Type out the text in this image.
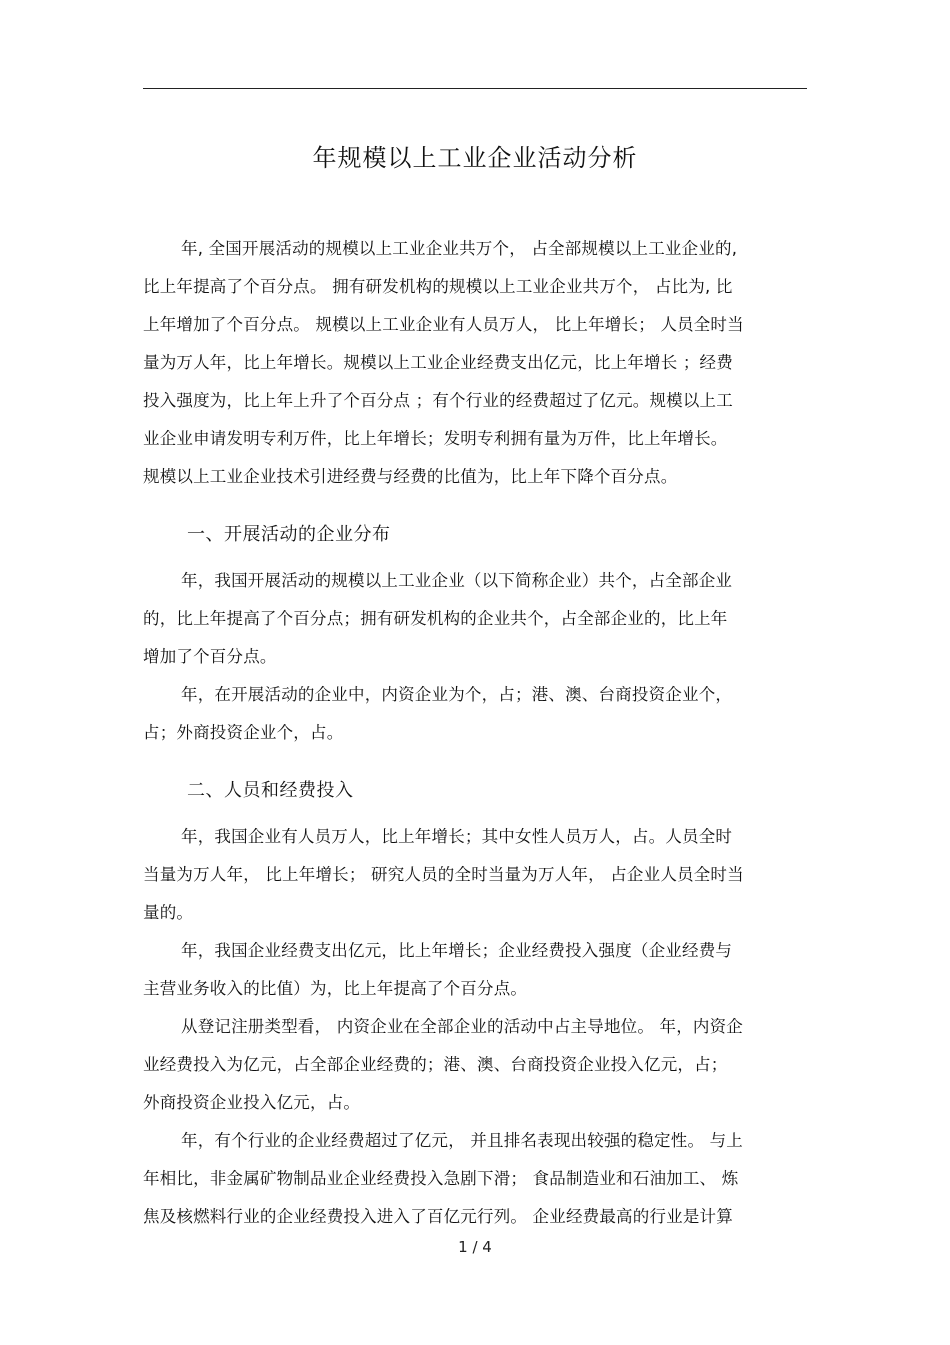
年规模以上工业企业活动分析
年, 全国开展活动的规模以上工业企业共万个， 占全部规模以上工业企业的,
比上年提高了个百分点。 拥有研发机构的规模以上工业企业共万个， 占比为, 比
上年增加了个百分点。 规模以上工业企业有人员万人， 比上年增长； 人员全时当
量为万人年，比上年增长。规模以上工业企业经费支出亿元，比上年增长 ；经费
投入强度为，比上年上升了个百分点 ；有个行业的经费超过了亿元。规模以上工
业企业申请发明专利万件，比上年增长；发明专利拥有量为万件，比上年增长。
规模以上工业企业技术引进经费与经费的比值为，比上年下降个百分点。
一、开展活动的企业分布
年，我国开展活动的规模以上工业企业（以下简称企业）共个，占全部企业
的，比上年提高了个百分点；拥有研发机构的企业共个，占全部企业的，比上年
增加了个百分点。
年，在开展活动的企业中，内资企业为个，占；港、澳、台商投资企业个，
占；外商投资企业个，占。
二、人员和经费投入
年，我国企业有人员万人，比上年增长；其中女性人员万人，占。人员全时
当量为万人年， 比上年增长； 研究人员的全时当量为万人年， 占企业人员全时当
量的。
年，我国企业经费支出亿元，比上年增长；企业经费投入强度（企业经费与
主营业务收入的比值）为，比上年提高了个百分点。
从登记注册类型看， 内资企业在全部企业的活动中占主导地位。 年，内资企
业经费投入为亿元，占全部企业经费的；港、澳、台商投资企业投入亿元，占；
外商投资企业投入亿元，占。
年，有个行业的企业经费超过了亿元， 并且排名表现出较强的稳定性。 与上
年相比，非金属矿物制品业企业经费投入急剧下滑； 食品制造业和石油加工、 炼
焦及核燃料行业的企业经费投入进入了百亿元行列。 企业经费最高的行业是计算
1 / 4
